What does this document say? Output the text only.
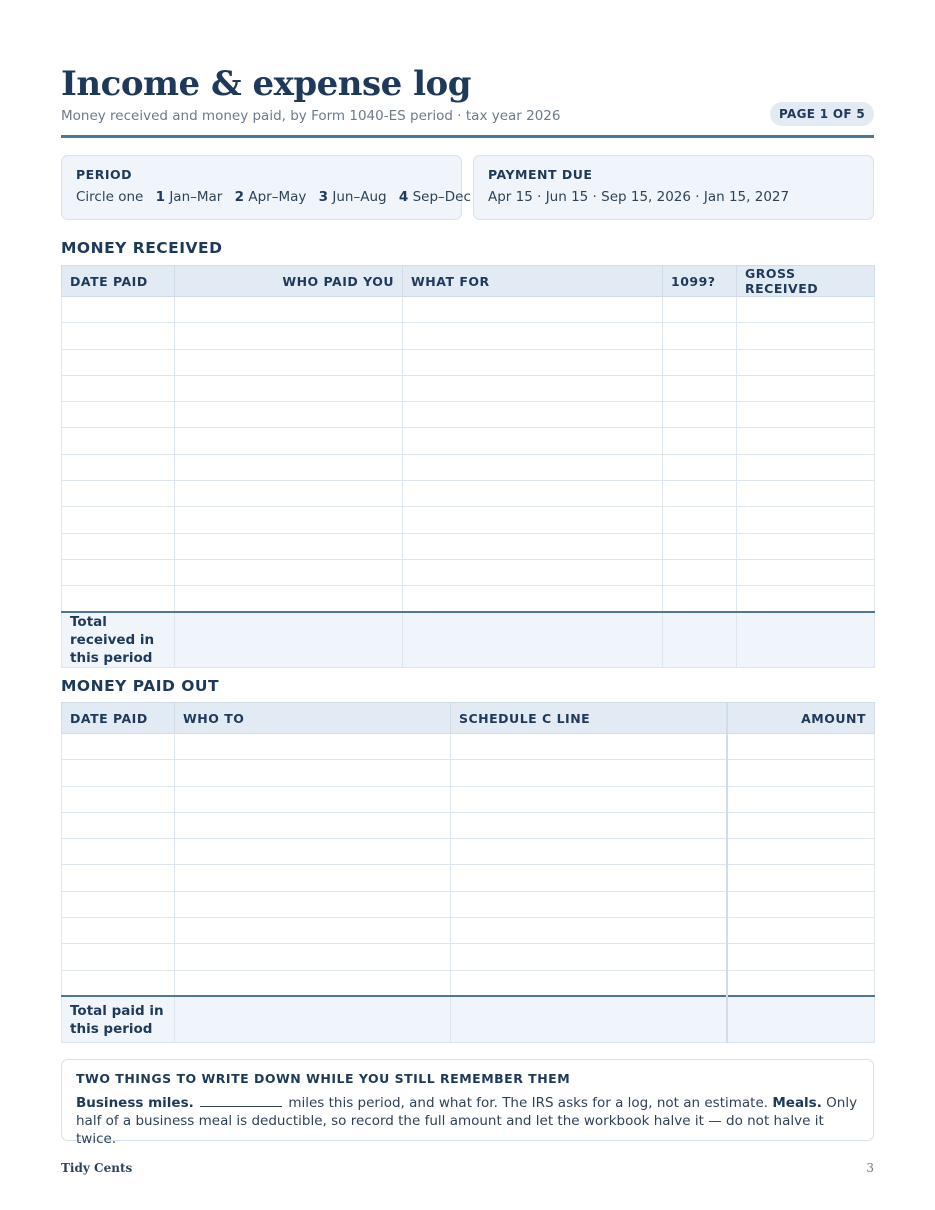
Income & expense log
Money received and money paid, by Form 1040-ES period · tax year 2026	PAGE 1 OF 5
PERIOD
Circle one 1 Jan–Mar 2 Apr–May 3 Jun–Aug 4 Sep–Dec
PAYMENT DUE
Apr 15 · Jun 15 · Sep 15, 2026 · Jan 15, 2027
MONEY RECEIVED
DATE PAID	WHO PAID YOU	WHAT FOR	1099?	GROSS RECEIVED

Total received in this period				
MONEY PAID OUT
DATE PAID	WHO TO	SCHEDULE C LINE	AMOUNT

Total paid in this period			
TWO THINGS TO WRITE DOWN WHILE YOU STILL REMEMBER THEM
Business miles.	miles this period, and what for. The IRS asks for a log, not an estimate. Meals. Only half of a business meal is deductible, so record the full amount and let the workbook halve it — do not halve it twice.
Tidy Cents	3
